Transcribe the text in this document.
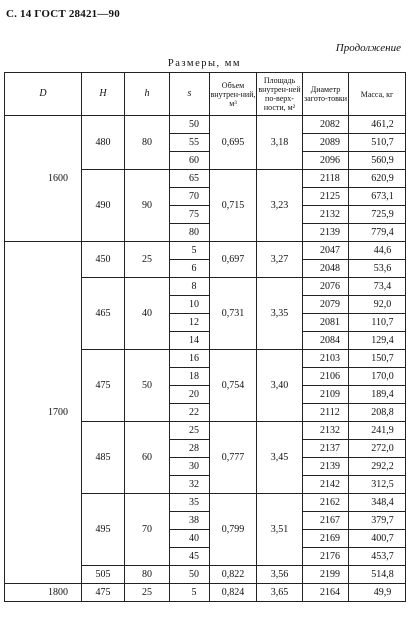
С. 14 ГОСТ 28421—90
Продолжение
Размеры, мм
D	H	h	s	Объем внутрен-ний, м³	Площадь внутрен-ней по-верх-ности, м²	Диаметр загото-товки	Масса, кг
1600	480	80	50	0,695	3,18	2082	461,2
			55			2089	510,7
			60			2096	560,9
	490	90	65	0,715	3,23	2118	620,9
			70			2125	673,1
			75			2132	725,9
			80			2139	779,4
1700	450	25	5	0,697	3,27	2047	44,6
			6			2048	53,6
	465	40	8	0,731	3,35	2076	73,4
			10			2079	92,0
			12			2081	110,7
			14			2084	129,4
	475	50	16	0,754	3,40	2103	150,7
			18			2106	170,0
			20			2109	189,4
			22			2112	208,8
	485	60	25	0,777	3,45	2132	241,9
			28			2137	272,0
			30			2139	292,2
			32			2142	312,5
	495	70	35	0,799	3,51	2162	348,4
			38			2167	379,7
			40			2169	400,7
			45			2176	453,7
	505	80	50	0,822	3,56	2199	514,8
1800	475	25	5	0,824	3,65	2164	49,9
